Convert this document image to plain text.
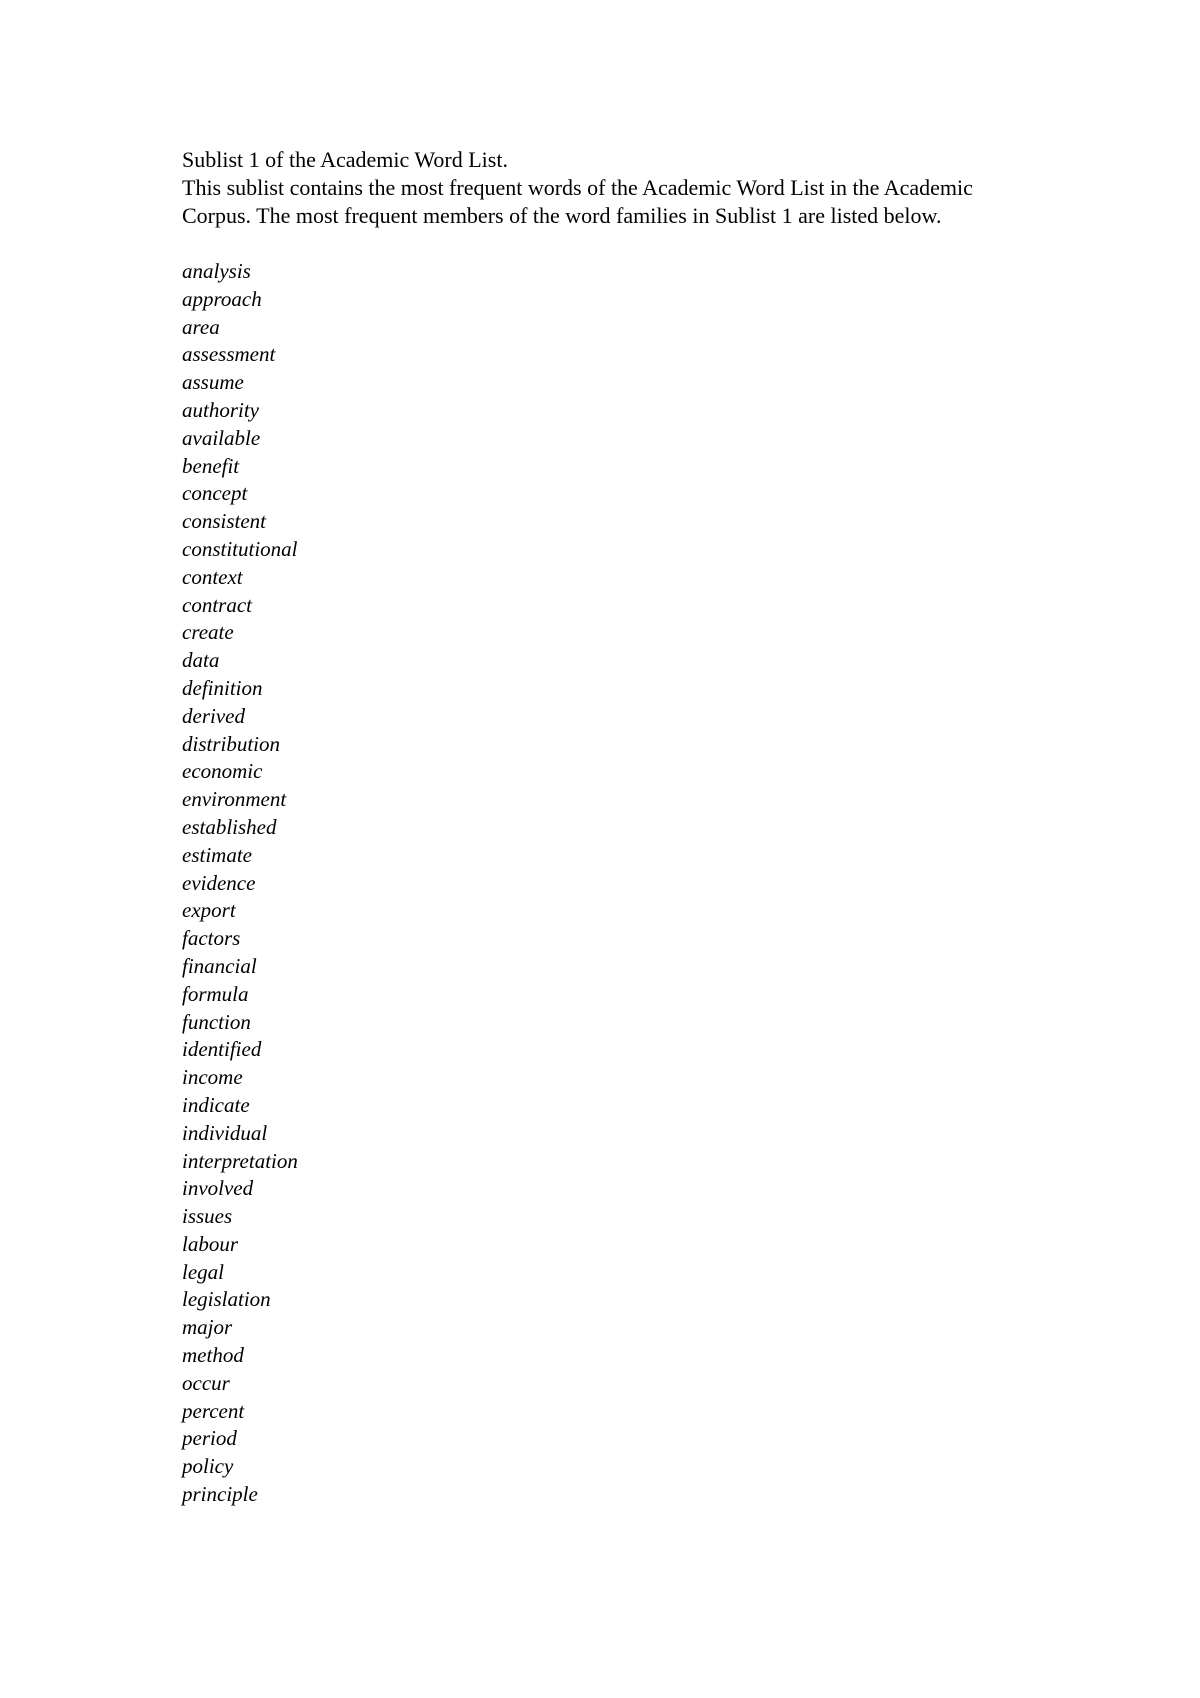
Sublist 1 of the Academic Word List.

This sublist contains the most frequent words of the Academic Word List in the Academic Corpus. The most frequent members of the word families in Sublist 1 are listed below.

analysis
approach
area
assessment
assume
authority
available
benefit
concept
consistent
constitutional
context
contract
create
data
definition
derived
distribution
economic
environment
established
estimate
evidence
export
factors
financial
formula
function
identified
income
indicate
individual
interpretation
involved
issues
labour
legal
legislation
major
method
occur
percent
period
policy
principle
